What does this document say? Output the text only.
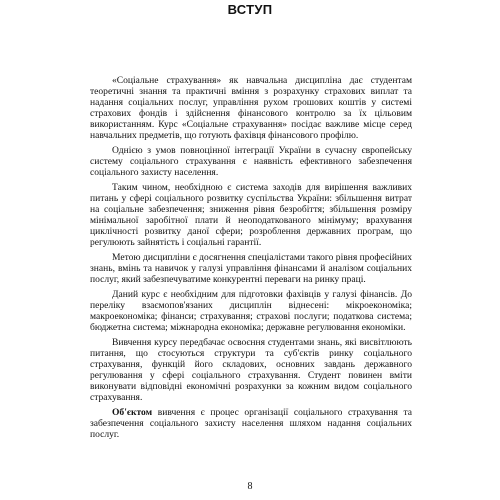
ВСТУП

«Соціальне страхування» як навчальна дисципліна дає студентам теоретичні знання та практичні вміння з розрахунку страхових виплат та надання соціальних послуг, управління рухом грошових коштів у системі страхових фондів і здійснення фінансового контролю за їх цільовим використанням. Курс «Соціальне страхування» посідає важливе місце серед навчальних предметів, що готують фахівця фінансового профілю.

Однією з умов повноцінної інтеграції України в сучасну європейську систему соціального страхування є наявність ефективного забезпечення соціального захисту населення.

Таким чином, необхідною є система заходів для вирішення важливих питань у сфері соціального розвитку суспільства України: збільшення витрат на соціальне забезпечення; зниження рівня безробіття; збільшення розміру мінімальної заробітної плати й неоподаткованого мінімуму; врахування циклічності розвитку даної сфери; розроблення державних програм, що регулюють зайнятість і соціальні гарантії.

Метою дисципліни є досягнення спеціалістами такого рівня професійних знань, вмінь та навичок у галузі управління фінансами й аналізом соціальних послуг, який забезпечуватиме конкурентні переваги на ринку праці.

Даний курс є необхідним для підготовки фахівців у галузі фінансів. До переліку взаємопов'язаних дисциплін віднесені: мікроекономіка; макроекономіка; фінанси; страхування; страхові послуги; податкова система; бюджетна система; міжнародна економіка; державне регулювання економіки.

Вивчення курсу передбачає освоєння студентами знань, які висвітлюють питання, що стосуються структури та суб'єктів ринку соціального страхування, функцій його складових, основних завдань державного регулювання у сфері соціального страхування. Студент повинен вміти виконувати відповідні економічні розрахунки за кожним видом соціального страхування.

Об'єктом вивчення є процес організації соціального страхування та забезпечення соціального захисту населення шляхом надання соціальних послуг.

8
